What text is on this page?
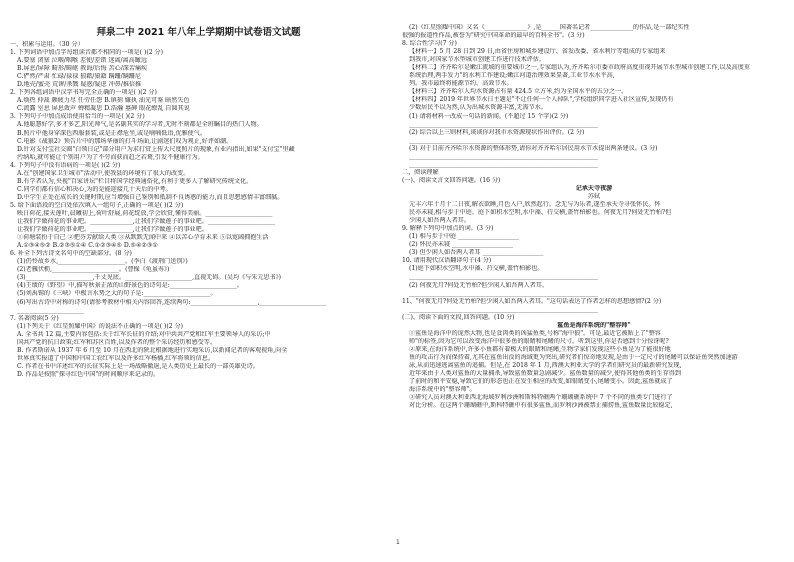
拜泉二中 2021 年八年上学期期中试卷语文试题
一、积累与运用。（30 分）
1. 下列词语中加点字每组读音都不相同的一项是( )(2 分)
A.要塞 闭塞 泣咽/咽喉 差使/差错 迷离/离高瞰远
B.屏息/屏障 畸形/畸岖 教诲/后悔 苦心/深苦痛疾
C.俨然/严肃 忙碌/禄禄 狼藉/狼籍 蹒跚/蹒跚尼
D.地壳/蜜壳 荒谬/杀戮 疑惑/疑虑 冲鼻/推倍推
2. 下列各组词语中汉字书写完全正确的一项是( )(2 分)
A.焕热 仲裁 颇疲力尽 任劳任怨 B.镇刻 嫌执 油光可鉴 暗然失色
C.流露 室息 屏息敛声 蝉精凝思 D.浩瀚 墓碑 眼花缭乱 自圆其说
3. 下列句子中加点成语使用恰当的一项是( )(2 分)
A.他聪慧好学,多才多艺,阳光帅气,是名副其实的学习者,无时不刻都是全班瞩目的热门人物。
B.照片中他身穿深色西服套装,或是正襟危坐,或是喃喃低语,优雅使气。
C.电影《战狼2》预告片中的那场华丽的打斗场面,让剧迷们叹为观止,好评如潮。
D.针对支付宝社交圈"白领日记"部分用户为求打赏上传大尺度照片的现象,有业内指出,如果"支付宝"里藏
污纳垢,就可能让个别用户为了不劳而获而趋之若鹜,引发不健康行为。
4. 下列句子中没有语病的一项是( )(2 分)
A.在"创建国家卫生城市"活动中,使我县的环境有了很大的改变。
B.有学者认为,央视"百家讲坛"栏目将国学经典通俗化,有利于更多人了解研究传统文化。
C.同学们都有信心和决心,为的是能迎接几十天后的中考。
D.中学生正处在成长的关键时期,应当增强自己鉴别和抵制不良诱惑的能力,而且思想感情丰富细腻。
5. 给下面语段的空白处依次填入一组句子,正确的一项是( )(2 分)
映日荷花,接天莲叶,晨曦初上,荷叶舒展,荷花绽放,学会欣赏,懂得美丽。______________________
让我们学做荷花的事业吧。______________,让我们学做莲子的事业吧。______________________
让我们学做荷花的事业吧。______________,让我们学做莲子的事业吧。
①荷塘装扮于自己 ②把芬芳献给人类 ③从默默无闻中来 ④以苦心孕育未来 ⑤以宽阔拥抱生活
A.①③④⑤② B.②③⑤①④ C.①②③④⑤ D.⑤④②③①
6. 补全下列古诗文名句中的空缺部分。(8 分)
(1)仍怜故乡水,______________________。(李白《渡荆门送别》)
(2)老骥伏枥,______________________。(曹操《龟虽寿》)
(3)______________________,千丈见底。______________________,直视无碍。(吴均《与朱元思书》)
(4)王绩的《野望》中,描写秋景正浓的山野景色的诗句是:______________________。
(5)刘禹锡的《三峡》中极言水势之大的句子是:______________________。
(6)写出古诗中对称的诗句(请参考教材中相关内容回答,连续两句:______________________,______________________
______________________
7. 名著阅读(5 分)
(1)下列关于《红星照耀中国》的说法不正确的一项是( )(2 分)
A. 全书共 12 篇,主要内容包括:关于红军长征的介绍;对中共共产党和红军主要领导人的采访;中
国共产党的抗日政策;红军和苏区百姓,以及作者的整个采访经历和感受等。
B. 作者斯诺从 1937 年 6 月至 10 月在西北的陕北根据地进行实地采访,以新闻记者的客观视角,向全
世界真实报道了中国和中国工农红军以及许多红军杨插,红军将领的信息。
C. 作者在书中详述红军的长征实际上是一场战略撤退,是人类历史上最长的一部英雄史诗。
D. 作品是按照"探寻红色中国"的时间顺序来记录的。
(2)《红星照耀中国》又名《______________》,是______国著名记者______________的作品,是一部纪实性
很强的报道性作品,被誉为"研究中国革命的最早的百科全书"。(3 分)
8. 综合性学习(7 分)
【材料一】5 月 28 日到 29 日,由省住房和城乡建设厅、省发改委、省水利厅等组成的专家组来
到我市,对国家节水型城市创建工作进行技术评估。
【材料二】齐齐哈尔是嫩江流域的重要城市之一,专家组认为,齐齐哈尔市委市政府高度重视开展节水型城市创建工作,以及高度重
系统治理,两手发力"的水利工作建设;嫩江河道治理效果显著,工业节水水平高,
列。我市最终将能源节约、高效节水。
【材料三】齐齐哈尔人均水资源占有量 424.5 立方米,约为全国水平的五分之一。
【材料四】2019 年世界节水日主题是"不让任何一个人掉队",学校组织同学进入社区宣传,发现仍有
少数居民不以为然,认为出城水资源丰富,无需节水。
(1) 请将材料一改成一句话的新闻。(不超过 15 个字)(2 分)
______________________________________________________________
(2) 综合以上三则材料,谈谈你对我市水资源现状作出评价。(2 分)
______________________________________________________________
(3) 对于目前齐齐哈尔水资源的整体形势,请你对齐齐哈尔居民用水节水提出两条建议。(3 分)
______________________________________________________________
______________________________________________________________
二、阅读理解
(一)、阅读文言文回答问题。(16 分)
记承天寺夜游
苏轼
元丰六年十月十二日夜,解衣欲睡,月色入户,欣然起行。念无与为乐者,遂至承天寺寻张怀民。怀
民亦未寝,相与步于中庭。庭下如积水空明,水中藻、荇交横,盖竹柏影也。何夜无月?何处无竹柏?但
少闲人如吾两人者耳。
9. 解释下列句中加点的词。(3 分)
(1) 相与步于中庭 ____________________
(2) 怀民亦未寝 ____________________
(3) 但少闲人如吾两人者耳 ____________________
10. 请用现代汉语翻译句子(4 分)
(1)庭下如积水空明,水中藻、荇交横,盖竹柏影也。
______________________________________________________________
(2) 何夜无月?何处无竹柏?但少闲人如吾两人者耳。
______________________________________________________________
11、"何夜无月?何处无竹柏?但少闲人如吾两人者耳。"这句话表达了作者怎样的思想感情?(2 分)
______________________________________________________________
(二)、阅读下面的文段,回答问题。(10 分)
鲨鱼是海洋系统的"整容师"
①鲨鱼是海洋中的庞然大物,也是食肉类的凶猛鱼类,号称"海中狼"。可是,最近它被贴上了"整容
师"的标签,因为它可以改变海洋中很多鱼的眼睛和尾鳍的尺寸。听到这里,你是否感到十分惊讶呢?
②原来,在海洋系统中,许多小鱼都有着极大的眼睛和尾鳍,生物学家们发现这些小鱼是为了能很好地
鱼的攻击行为而保持着,尤其在鲨鱼出没的海域更为突出,研究者们惊奇地发现,是由于一定尺寸的尾鳍可以保证鱼突然加速游
泳,从而迅速逃离鲨鱼的追捕。但是,在 2018 年 1 月,西澳大利亚大学的学者们研究员的最新研究发现,
近年来由于人类对鲨鱼的大量捕杀,导致鲨鱼数量急剧减少。鲨鱼数量的减少,使得其他鱼类的生存得到
了前时的和平安稳,导致它们的形态也正在发生相应的改变,如眼睛变小,尾鳍变小。因此,鲨鱼就成了
海洋系统中的"整容师"。
③研究人员对澳大利亚西北海域罗利沙洲和斯科特礁两个珊瑚礁系统中 7 个不同的鱼类专门进行了
对比分析。在这两个珊瑚礁中,斯科特礁中有很多鲨鱼,而罗利沙洲被禁止捕捞鱼,鲨鱼数量比较稳定,
1
